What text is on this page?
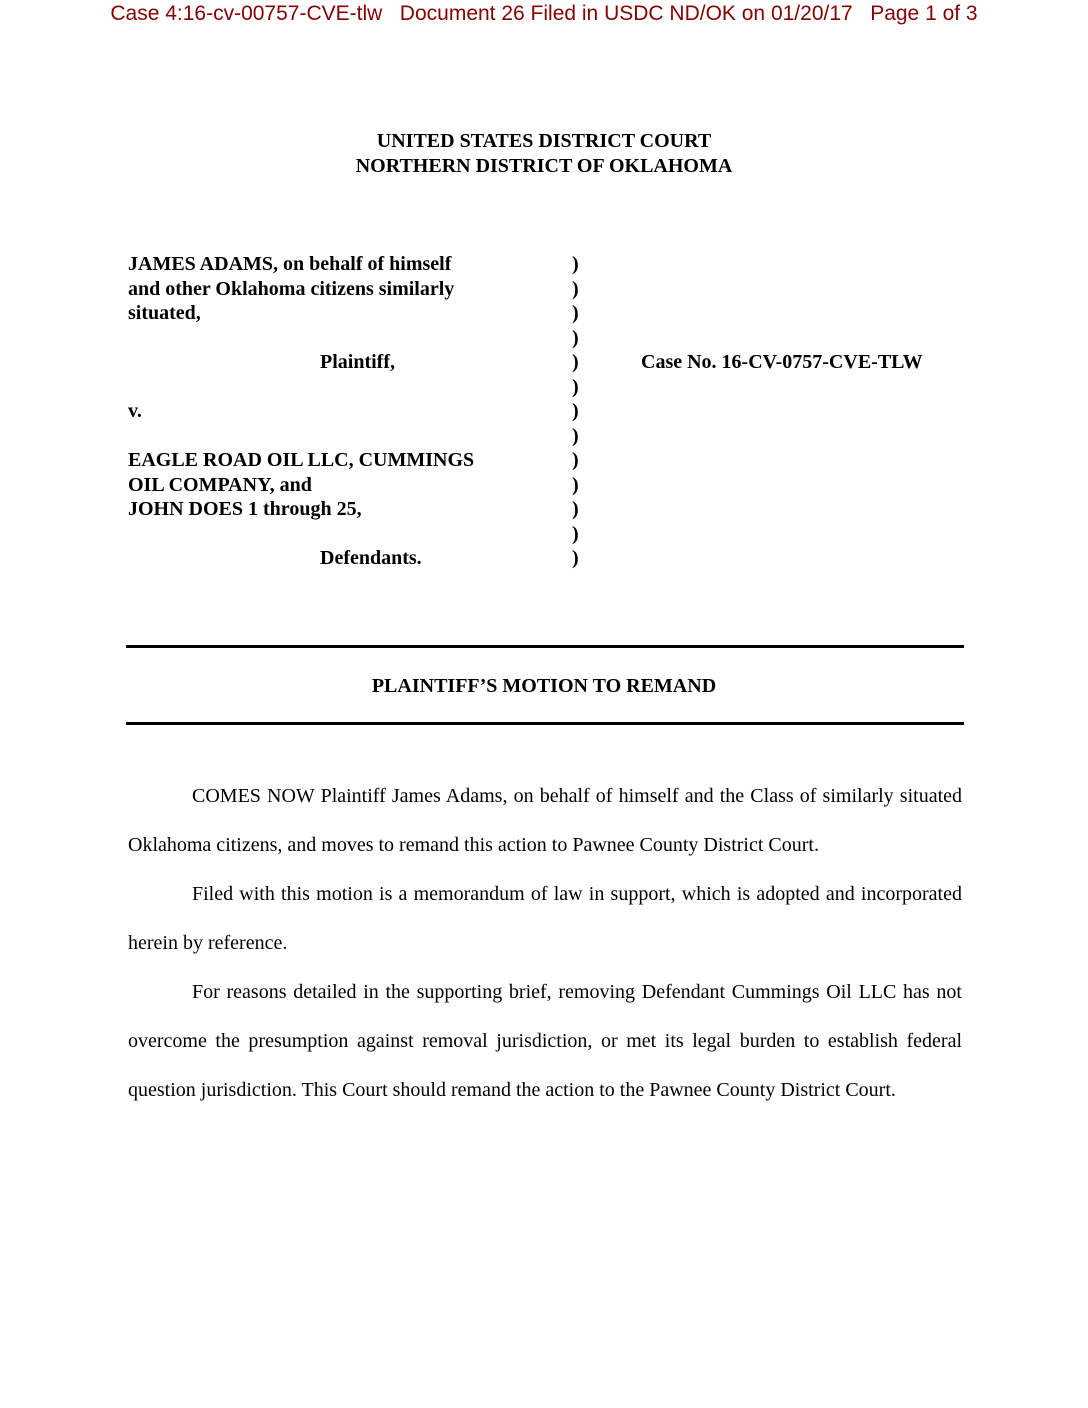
Case 4:16-cv-00757-CVE-tlw   Document 26 Filed in USDC ND/OK on 01/20/17   Page 1 of 3
UNITED STATES DISTRICT COURT
NORTHERN DISTRICT OF OKLAHOMA
JAMES ADAMS, on behalf of himself
and other Oklahoma citizens similarly
situated,
Plaintiff,
v.
EAGLE ROAD OIL LLC, CUMMINGS
OIL COMPANY, and
JOHN DOES 1 through 25,
Defendants.
)
)
)
)
)
)
)
)
)
)
)
)
)
Case No. 16-CV-0757-CVE-TLW
PLAINTIFF’S MOTION TO REMAND

COMES NOW Plaintiff James Adams, on behalf of himself and the Class of similarly situated Oklahoma citizens, and moves to remand this action to Pawnee County District Court.

Filed with this motion is a memorandum of law in support, which is adopted and incorporated herein by reference.

For reasons detailed in the supporting brief, removing Defendant Cummings Oil LLC has not overcome the presumption against removal jurisdiction, or met its legal burden to establish federal question jurisdiction. This Court should remand the action to the Pawnee County District Court.
